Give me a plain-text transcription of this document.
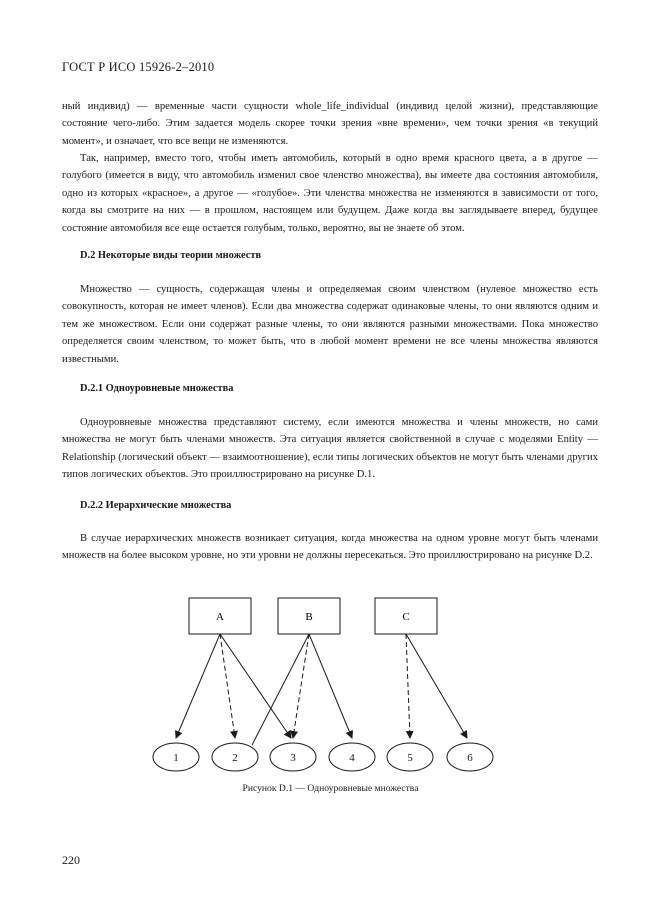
ГОСТ Р ИСО 15926-2–2010

ный индивид) — временные части сущности whole_life_individual (индивид целой жизни), представляющие состояние чего-либо. Этим задается модель скорее точки зрения «вне времени», чем точки зрения «в текущий момент», и означает, что все вещи не изменяются.

Так, например, вместо того, чтобы иметь автомобиль, который в одно время красного цвета, а в другое — голубого (имеется в виду, что автомобиль изменил свое членство множества), вы имеете два состояния автомобиля, одно из которых «красное», а другое — «голубое». Эти членства множества не изменяются в зависимости от того, когда вы смотрите на них — в прошлом, настоящем или будущем. Даже когда вы заглядываете вперед, будущее состояние автомобиля все еще остается голубым, только, вероятно, вы не знаете об этом.

D.2 Некоторые виды теории множеств

Множество — сущность, содержащая члены и определяемая своим членством (нулевое множество есть совокупность, которая не имеет членов). Если два множества содержат одинаковые члены, то они являются одним и тем же множеством. Если они содержат разные члены, то они являются разными множествами. Пока множество определяется своим членством, то может быть, что в любой момент времени не все члены множества являются известными.

D.2.1 Одноуровневые множества

Одноуровневые множества представляют систему, если имеются множества и члены множеств, но сами множества не могут быть членами множеств. Эта ситуация является свойственной в случае с моделями Entity — Relationship (логический объект — взаимоотношение), если типы логических объектов не могут быть членами других типов логических объектов. Это проиллюстрировано на рисунке D.1.

D.2.2 Иерархические множества

В случае иерархических множеств возникает ситуация, когда множества на одном уровне могут быть членами множеств на более высоком уровне, но эти уровни не должны пересекаться. Это проиллюстрировано на рисунке D.2.

A	B	C
1	2	3	4	5	6
Рисунок D.1 — Одноуровневые множества
220
